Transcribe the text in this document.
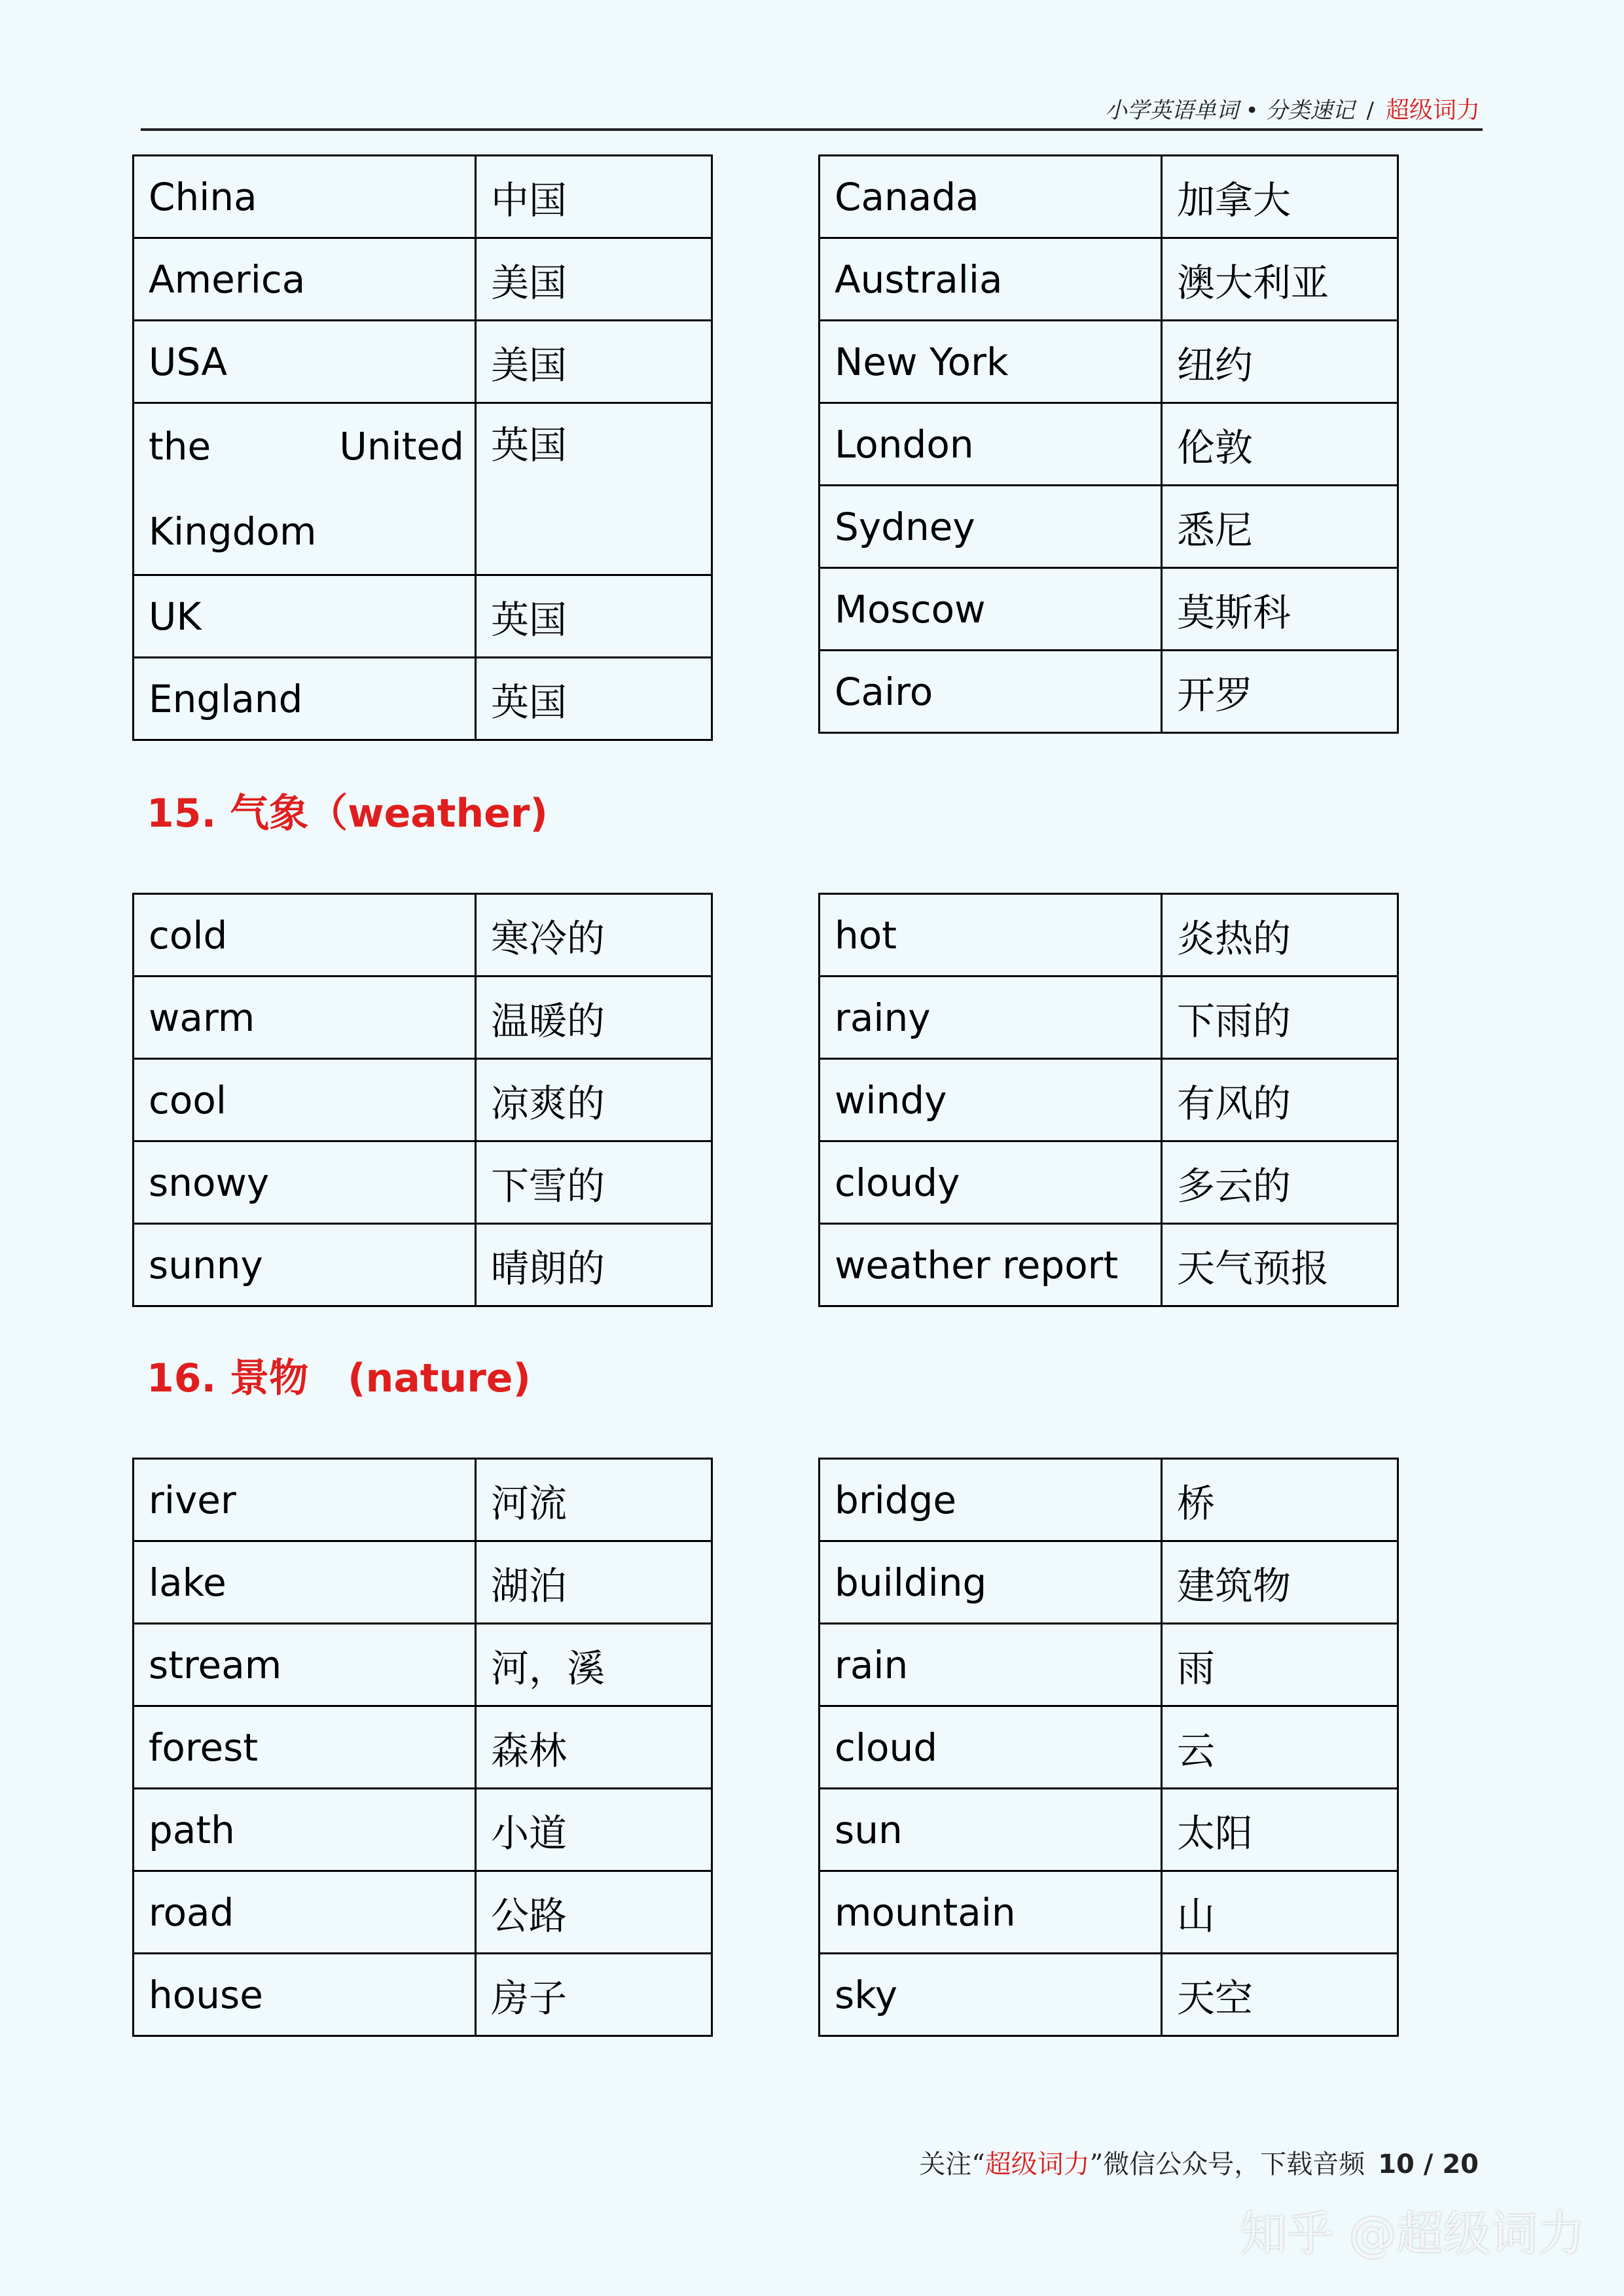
小学英语单词 • 分类速记 / 超级词力
China	中国
America	美国
USA	美国
the United Kingdom	英国
UK	英国
England	英国
Canada	加拿大
Australia	澳大利亚
New York	纽约
London	伦敦
Sydney	悉尼
Moscow	莫斯科
Cairo	开罗
15. 气象（weather)
cold	寒冷的
warm	温暖的
cool	凉爽的
snowy	下雪的
sunny	晴朗的
hot	炎热的
rainy	下雨的
windy	有风的
cloudy	多云的
weather report	天气预报
16. 景物　(nature)
river	河流
lake	湖泊
stream	河，溪
forest	森林
path	小道
road	公路
house	房子
bridge	桥
building	建筑物
rain	雨
cloud	云
sun	太阳
mountain	山
sky	天空
关注“超级词力”微信公众号，下载音频 10 / 20
知乎 @超级词力
